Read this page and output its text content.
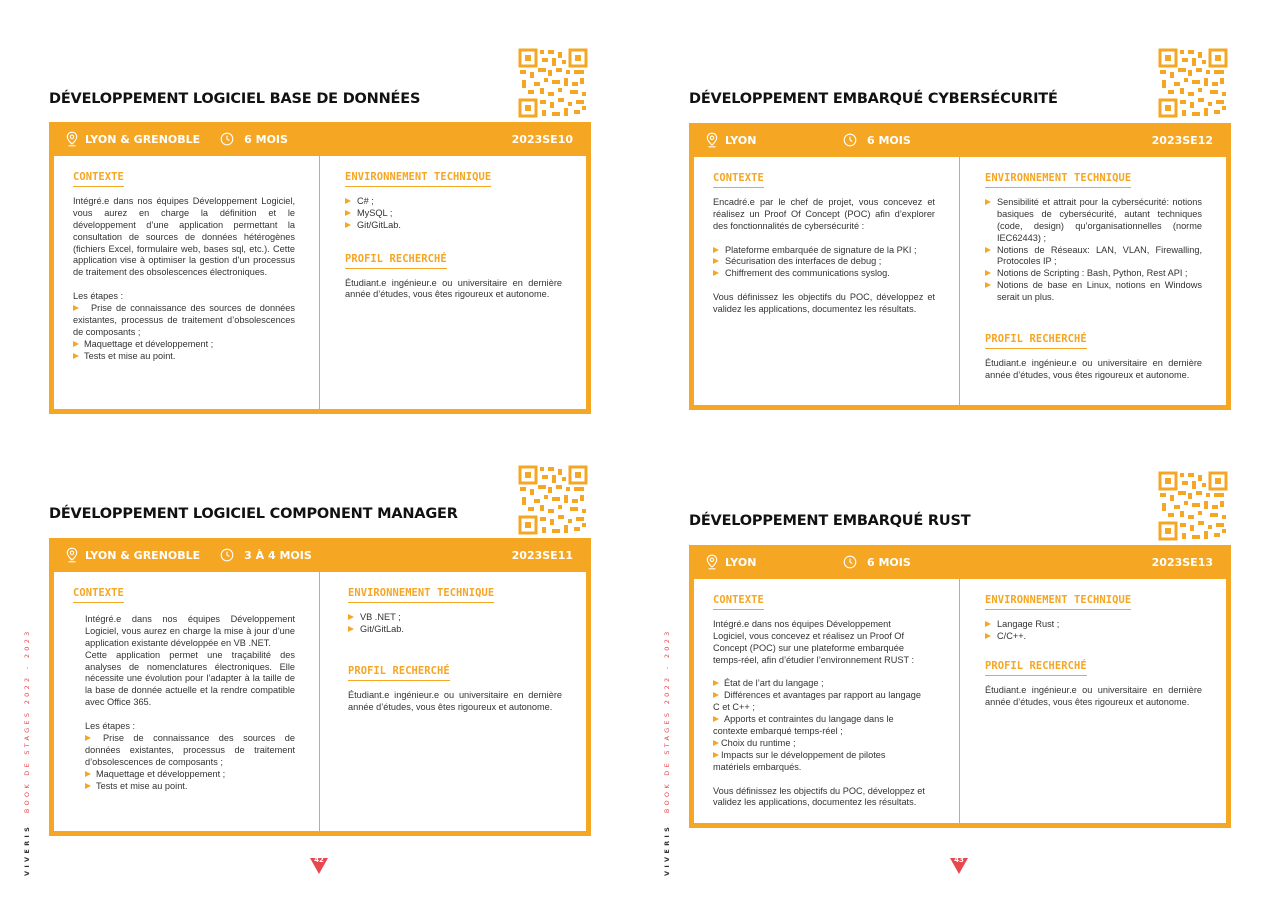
DÉVELOPPEMENT LOGICIEL BASE DE DONNÉES
LYON & GRENOBLE	6 MOIS	2023SE10
CONTEXTE
Intégré.e dans nos équipes Développement Logiciel, vous aurez en charge la définition et le développement d’une application permettant la consultation de sources de données hétérogènes (fichiers Excel, formulaire web, bases sql, etc.). Cette application vise à optimiser la gestion d’un processus de traitement des obsolescences électroniques.
Les étapes :
Prise de connaissance des sources de données existantes, processus de traitement d’obsolescences de composants ;
Maquettage et développement ;
Tests et mise au point.
ENVIRONNEMENT TECHNIQUE
C# ;
MySQL ;
Git/GitLab.
PROFIL RECHERCHÉ
Étudiant.e ingénieur.e ou universitaire en dernière année d’études, vous êtes rigoureux et autonome.
DÉVELOPPEMENT LOGICIEL COMPONENT MANAGER
LYON & GRENOBLE	3 À 4 MOIS	2023SE11
CONTEXTE
Intégré.e dans nos équipes Développement Logiciel, vous aurez en charge la mise à jour d’une application existante développée en VB .NET.
Cette application permet une traçabilité des analyses de nomenclatures électroniques. Elle nécessite une évolution pour l’adapter à la taille de la base de donnée actuelle et la rendre compatible avec Office 365.
Les étapes :
Prise de connaissance des sources de données existantes, processus de traitement d’obsolescences de composants ;
Maquettage et développement ;
Tests et mise au point.
ENVIRONNEMENT TECHNIQUE
VB .NET ;
Git/GitLab.
PROFIL RECHERCHÉ
Étudiant.e ingénieur.e ou universitaire en dernière année d’études, vous êtes rigoureux et autonome.
VIVERIS  BOOK DE STAGES 2022 - 2023
42
DÉVELOPPEMENT EMBARQUÉ CYBERSÉCURITÉ
LYON	6 MOIS	2023SE12
CONTEXTE
Encadré.e par le chef de projet, vous concevez et réalisez un Proof Of Concept (POC) afin d’explorer des fonctionnalités de cybersécurité :
Plateforme embarquée de signature de la PKI ;
Sécurisation des interfaces de debug ;
Chiffrement des communications syslog.
Vous définissez les objectifs du POC, développez et validez les applications, documentez les résultats.
ENVIRONNEMENT TECHNIQUE
Sensibilité et attrait pour la cybersécurité: notions basiques de cybersécurité, autant techniques (code, design) qu’organisationnelles (norme IEC62443) ;
Notions de Réseaux: LAN, VLAN, Firewalling, Protocoles IP ;
Notions de Scripting : Bash, Python, Rest API ;
Notions de base en Linux, notions en Windows serait un plus.
PROFIL RECHERCHÉ
Étudiant.e ingénieur.e ou universitaire en dernière année d’études, vous êtes rigoureux et autonome.
DÉVELOPPEMENT EMBARQUÉ RUST
LYON	6 MOIS	2023SE13
CONTEXTE
Intégré.e dans nos équipes Développement Logiciel, vous concevez et réalisez un Proof Of Concept (POC) sur une plateforme embarquée temps-réel, afin d’étudier l’environnement RUST :
État de l’art du langage ;
Différences et avantages par rapport au langage C et C++ ;
Apports et contraintes du langage dans le contexte embarqué temps-réel ;
Choix du runtime ;
Impacts sur le développement de pilotes matériels embarqués.
Vous définissez les objectifs du POC, développez et validez les applications, documentez les résultats.
ENVIRONNEMENT TECHNIQUE
Langage Rust ;
C/C++.
PROFIL RECHERCHÉ
Étudiant.e ingénieur.e ou universitaire en dernière année d’études, vous êtes rigoureux et autonome.
VIVERIS  BOOK DE STAGES 2022 - 2023
43
